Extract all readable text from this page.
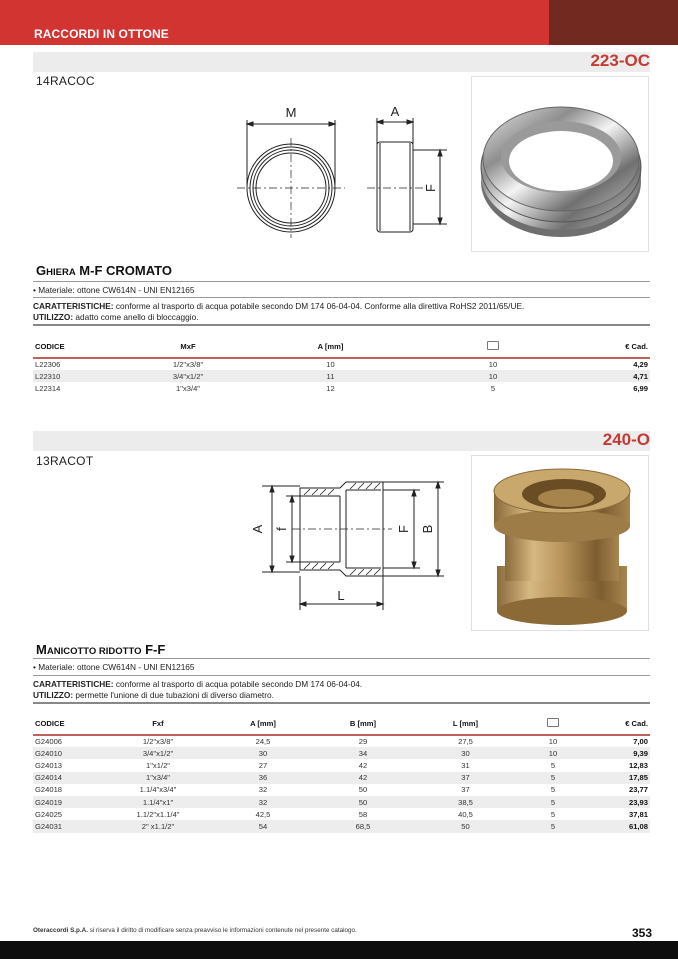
RACCORDI IN OTTONE
223-OC
14RACOC
M	A
F
GHIERA M-F CROMATO
• Materiale: ottone CW614N - UNI EN12165
CARATTERISTICHE: conforme al trasporto di acqua potabile secondo DM 174 06-04-04. Conforme alla direttiva RoHS2 2011/65/UE.
UTILIZZO: adatto come anello di bloccaggio.
CODICE	MxF	A [mm]		€ Cad.
L22306	1/2"x3/8"	10	10	4,29
L22310	3/4"x1/2"	11	10	4,71
L22314	1"x3/4"	12	5	6,99
240-O
13RACOT
A f	F B
L
MANICOTTO RIDOTTO F-F
• Materiale: ottone CW614N - UNI EN12165
CARATTERISTICHE: conforme al trasporto di acqua potabile secondo DM 174 06-04-04.
UTILIZZO: permette l'unione di due tubazioni di diverso diametro.
CODICE	Fxf	A [mm]	B [mm]	L [mm]		€ Cad.
G24006	1/2"x3/8"	24,5	29	27,5	10	7,00
G24010	3/4"x1/2"	30	34	30	10	9,39
G24013	1"x1/2"	27	42	31	5	12,83
G24014	1"x3/4"	36	42	37	5	17,85
G24018	1.1/4"x3/4"	32	50	37	5	23,77
G24019	1.1/4"x1"	32	50	38,5	5	23,93
G24025	1.1/2"x1.1/4"	42,5	58	40,5	5	37,81
G24031	2" x1.1/2"	54	68,5	50	5	61,08
Oteraccordi S.p.A. si riserva il diritto di modificare senza preavviso le informazioni contenute nel presente catalogo.	353
